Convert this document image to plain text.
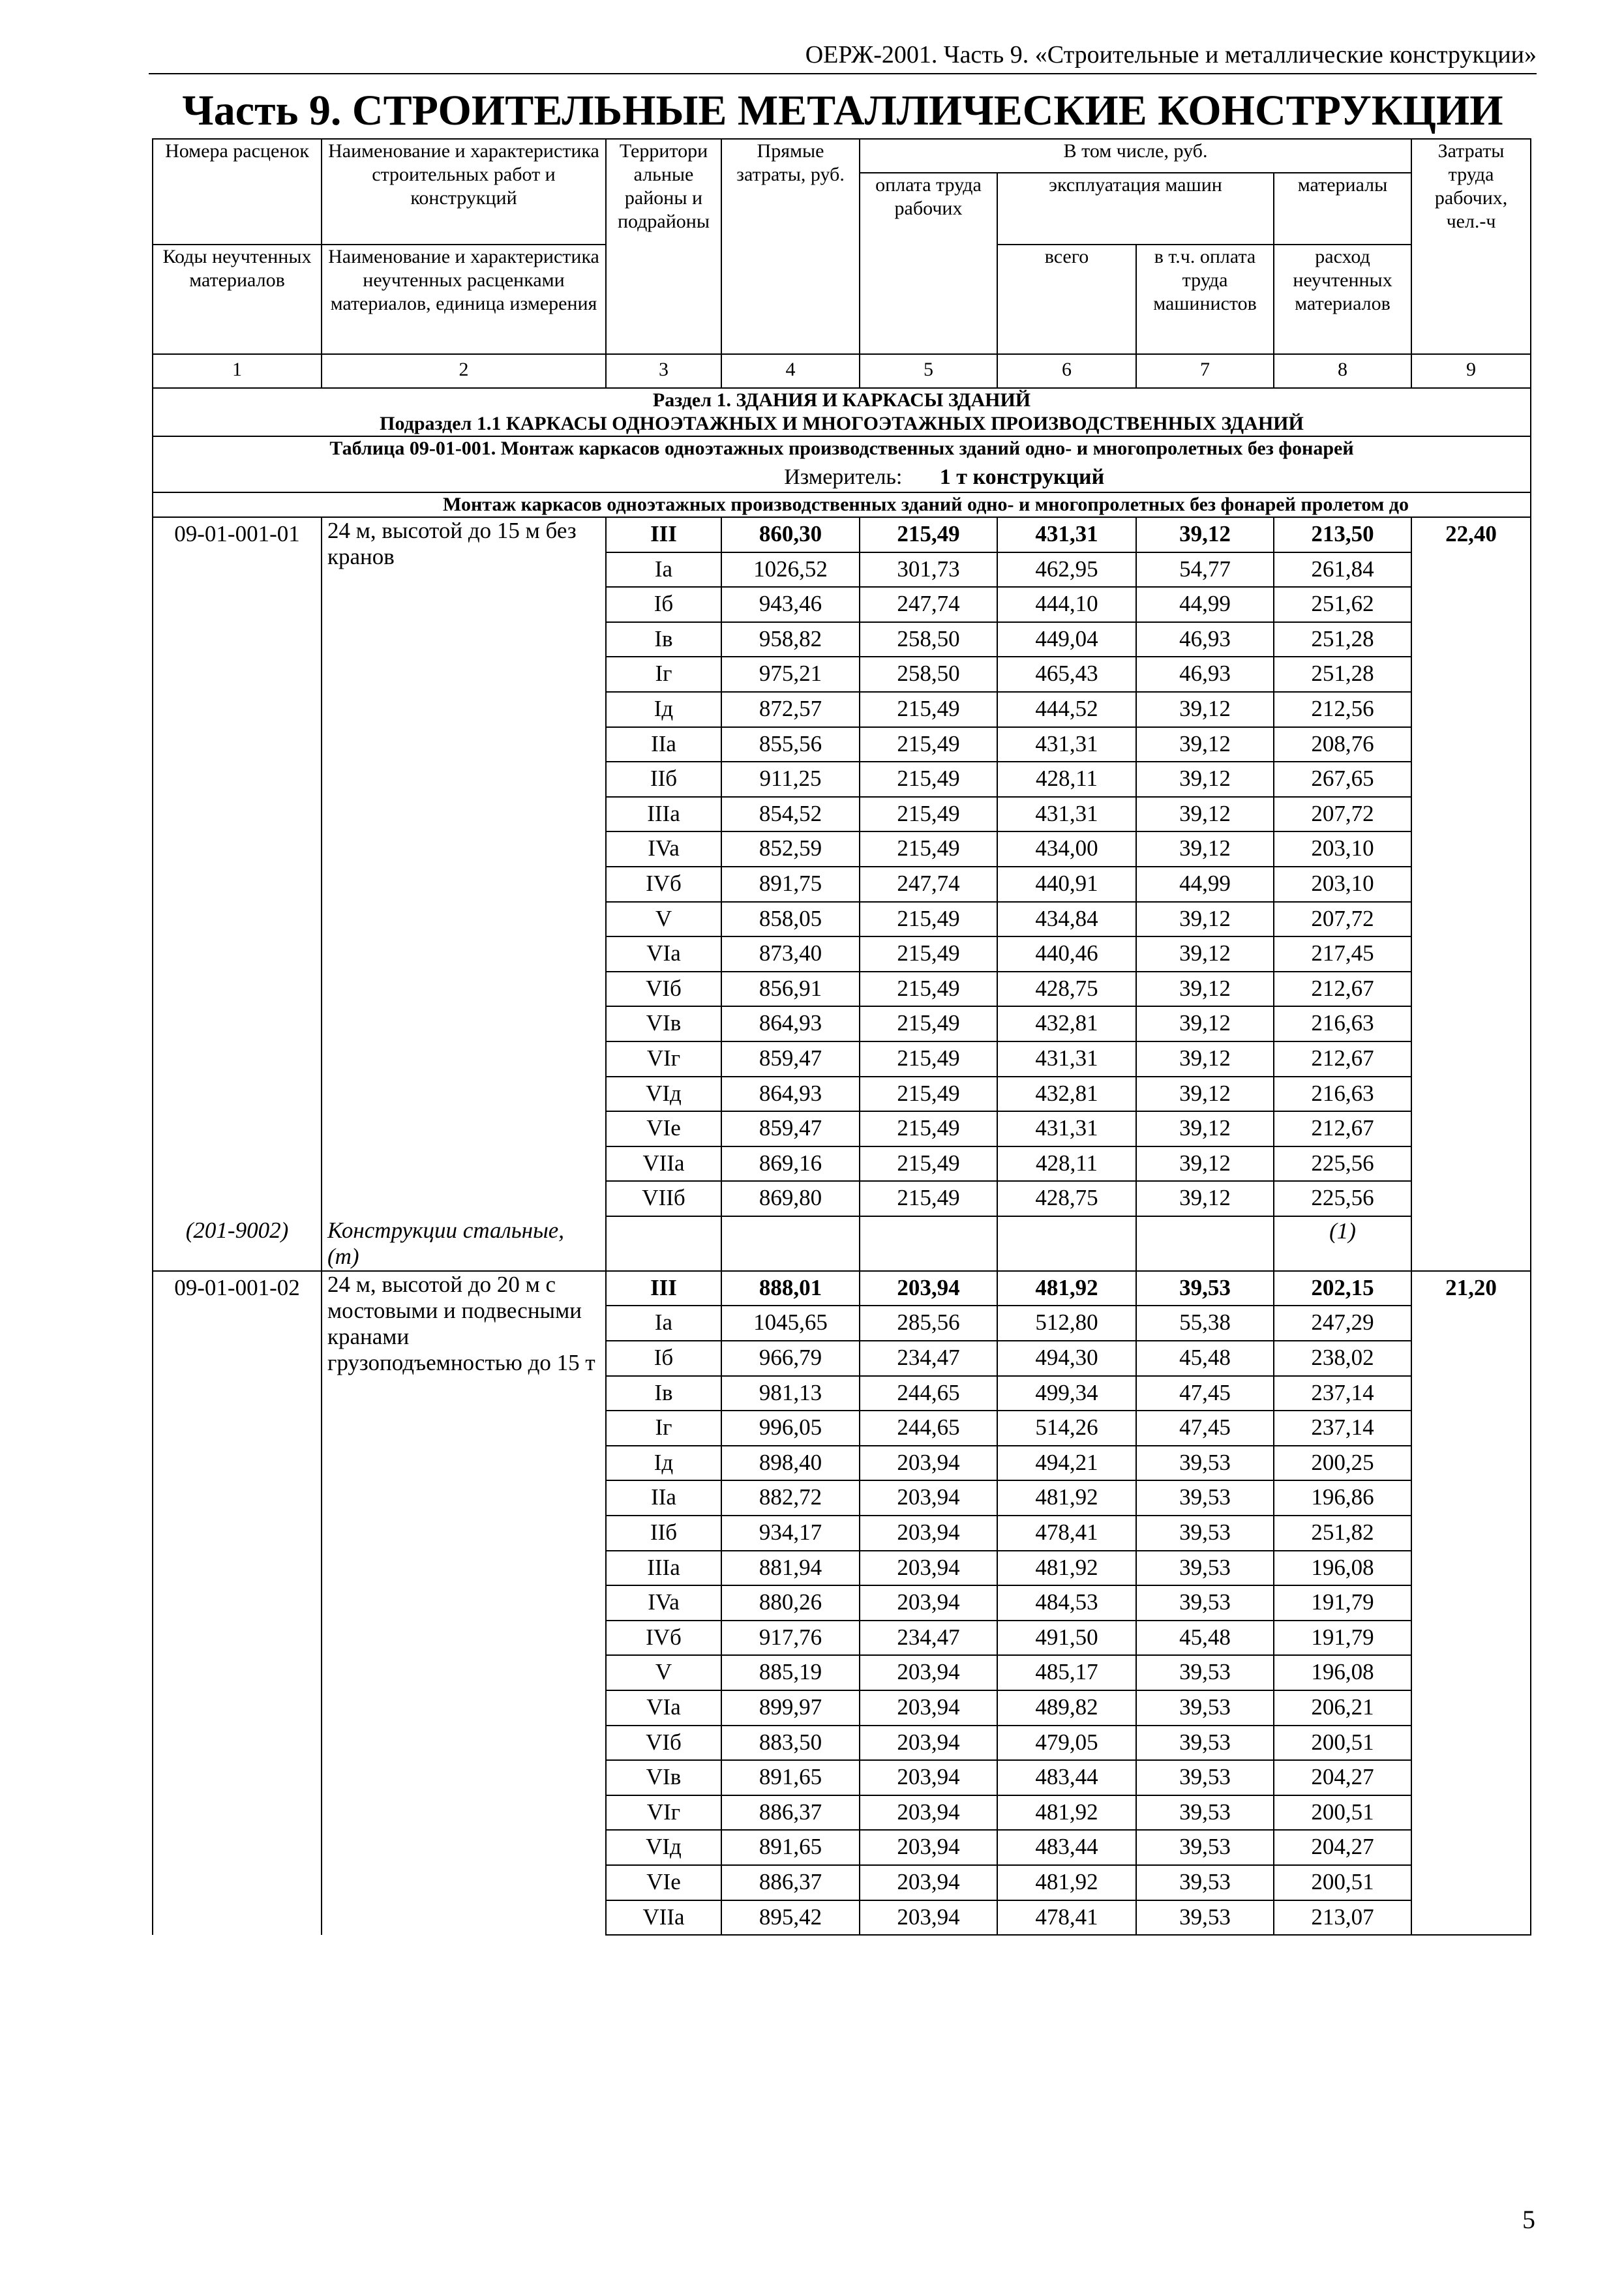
ОЕРЖ-2001. Часть 9. «Строительные и металлические конструкции»
Часть 9. СТРОИТЕЛЬНЫЕ МЕТАЛЛИЧЕСКИЕ КОНСТРУКЦИИ
Номера расценок	Наименование и характеристика строительных работ и конструкций	Территори альные районы и подрайоны	Прямые затраты, руб.	В том числе, руб.				Затраты труда рабочих, чел.-ч
				оплата труда рабочих	эксплуатация машин		материалы	
Коды неучтенных материалов	Наименование и характеристика неучтенных расценками материалов, единица измерения				всего	в т.ч. оплата труда машинистов	расход неучтенных материалов	
1	2	3	4	5	6	7	8	9

Раздел 1. ЗДАНИЯ И КАРКАСЫ ЗДАНИЙ
Подраздел 1.1 КАРКАСЫ ОДНОЭТАЖНЫХ И МНОГОЭТАЖНЫХ ПРОИЗВОДСТВЕННЫХ ЗДАНИЙ								

Таблица 09-01-001. Монтаж каркасов одноэтажных производственных зданий одно- и многопролетных без фонарей
Измеритель: 1 т конструкций								

	Монтаж каркасов одноэтажных производственных зданий одно- и многопролетных без фонарей пролетом до							
09-01-001-01	24 м, высотой до 15 м без кранов	III	860,30	215,49	431,31	39,12	213,50	22,40
		Ia	1026,52	301,73	462,95	54,77	261,84	
		Iб	943,46	247,74	444,10	44,99	251,62	
		Iв	958,82	258,50	449,04	46,93	251,28	
		Iг	975,21	258,50	465,43	46,93	251,28	
		Iд	872,57	215,49	444,52	39,12	212,56	
		IIa	855,56	215,49	431,31	39,12	208,76	
		IIб	911,25	215,49	428,11	39,12	267,65	
		IIIa	854,52	215,49	431,31	39,12	207,72	
		IVa	852,59	215,49	434,00	39,12	203,10	
		IVб	891,75	247,74	440,91	44,99	203,10	
		V	858,05	215,49	434,84	39,12	207,72	
		VIa	873,40	215,49	440,46	39,12	217,45	
		VIб	856,91	215,49	428,75	39,12	212,67	
		VIв	864,93	215,49	432,81	39,12	216,63	
		VIг	859,47	215,49	431,31	39,12	212,67	
		VIд	864,93	215,49	432,81	39,12	216,63	
		VIe	859,47	215,49	431,31	39,12	212,67	
		VIIa	869,16	215,49	428,11	39,12	225,56	
		VIIб	869,80	215,49	428,75	39,12	225,56	
(201-9002)	Конструкции стальные, (т)						(1)	
09-01-001-02	24 м, высотой до 20 м с мостовыми и подвесными кранами грузоподъемностью до 15 т	III	888,01	203,94	481,92	39,53	202,15	21,20
		Ia	1045,65	285,56	512,80	55,38	247,29	
		Iб	966,79	234,47	494,30	45,48	238,02	
		Iв	981,13	244,65	499,34	47,45	237,14	
		Iг	996,05	244,65	514,26	47,45	237,14	
		Iд	898,40	203,94	494,21	39,53	200,25	
		IIa	882,72	203,94	481,92	39,53	196,86	
		IIб	934,17	203,94	478,41	39,53	251,82	
		IIIa	881,94	203,94	481,92	39,53	196,08	
		IVa	880,26	203,94	484,53	39,53	191,79	
		IVб	917,76	234,47	491,50	45,48	191,79	
		V	885,19	203,94	485,17	39,53	196,08	
		VIa	899,97	203,94	489,82	39,53	206,21	
		VIб	883,50	203,94	479,05	39,53	200,51	
		VIв	891,65	203,94	483,44	39,53	204,27	
		VIг	886,37	203,94	481,92	39,53	200,51	
		VIд	891,65	203,94	483,44	39,53	204,27	
		VIe	886,37	203,94	481,92	39,53	200,51	
		VIIa	895,42	203,94	478,41	39,53	213,07	
5
